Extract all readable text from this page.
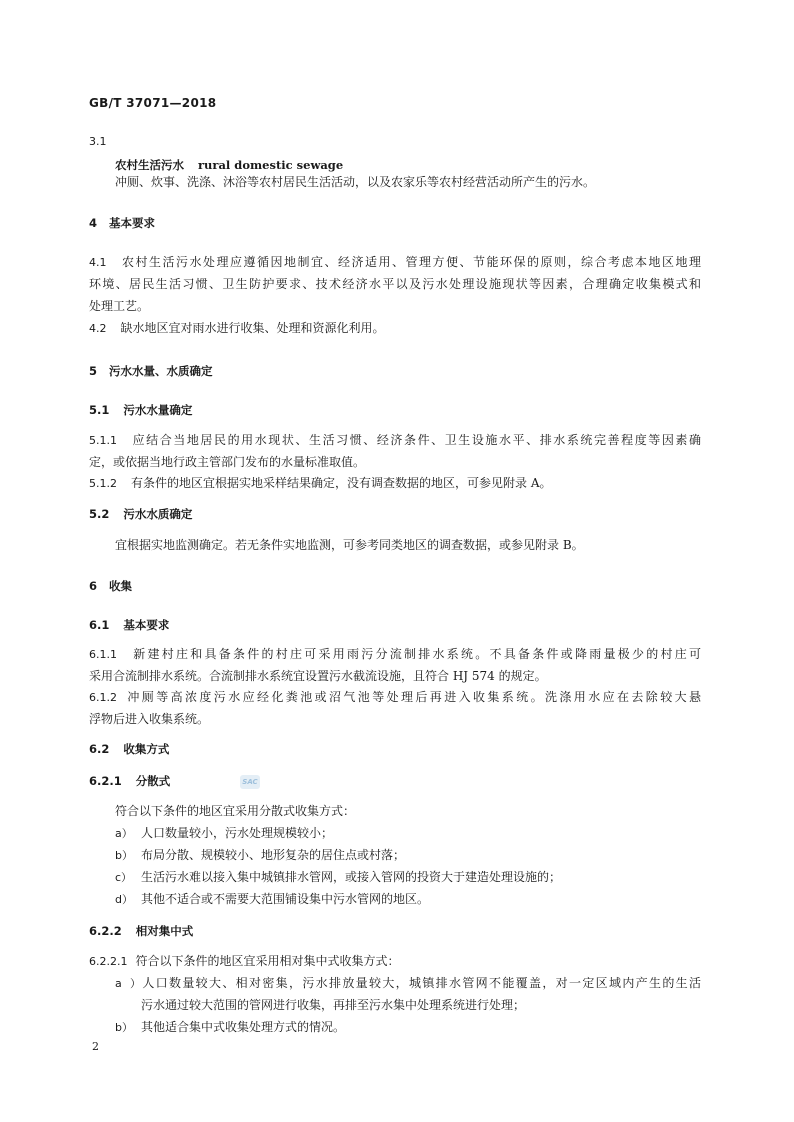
GB/T 37071—2018
3.1
农村生活污水 rural domestic sewage
冲厕、炊事、洗涤、沐浴等农村居民生活活动，以及农家乐等农村经营活动所产生的污水。
4 基本要求
4.1 农村生活污水处理应遵循因地制宜、经济适用、管理方便、节能环保的原则，综合考虑本地区地理
环境、居民生活习惯、卫生防护要求、技术经济水平以及污水处理设施现状等因素，合理确定收集模式和
处理工艺。
4.2 缺水地区宜对雨水进行收集、处理和资源化利用。
5 污水水量、水质确定
5.1 污水水量确定
5.1.1 应结合当地居民的用水现状、生活习惯、经济条件、卫生设施水平、排水系统完善程度等因素确
定，或依据当地行政主管部门发布的水量标准取值。
5.1.2 有条件的地区宜根据实地采样结果确定，没有调查数据的地区，可参见附录 A。
5.2 污水水质确定
宜根据实地监测确定。若无条件实地监测，可参考同类地区的调查数据，或参见附录 B。
6 收集
6.1 基本要求
6.1.1 新建村庄和具备条件的村庄可采用雨污分流制排水系统。不具备条件或降雨量极少的村庄可
采用合流制排水系统。合流制排水系统宜设置污水截流设施，且符合 HJ 574 的规定。
6.1.2 冲厕等高浓度污水应经化粪池或沼气池等处理后再进入收集系统。洗涤用水应在去除较大悬
浮物后进入收集系统。
6.2 收集方式
6.2.1 分散式	SAC
符合以下条件的地区宜采用分散式收集方式：
a） 人口数量较小，污水处理规模较小；
b） 布局分散、规模较小、地形复杂的居住点或村落；
c） 生活污水难以接入集中城镇排水管网，或接入管网的投资大于建造处理设施的；
d） 其他不适合或不需要大范围铺设集中污水管网的地区。
6.2.2 相对集中式
6.2.2.1 符合以下条件的地区宜采用相对集中式收集方式：
a）人口数量较大、相对密集，污水排放量较大，城镇排水管网不能覆盖，对一定区域内产生的生活
污水通过较大范围的管网进行收集，再排至污水集中处理系统进行处理；
b） 其他适合集中式收集处理方式的情况。
2
